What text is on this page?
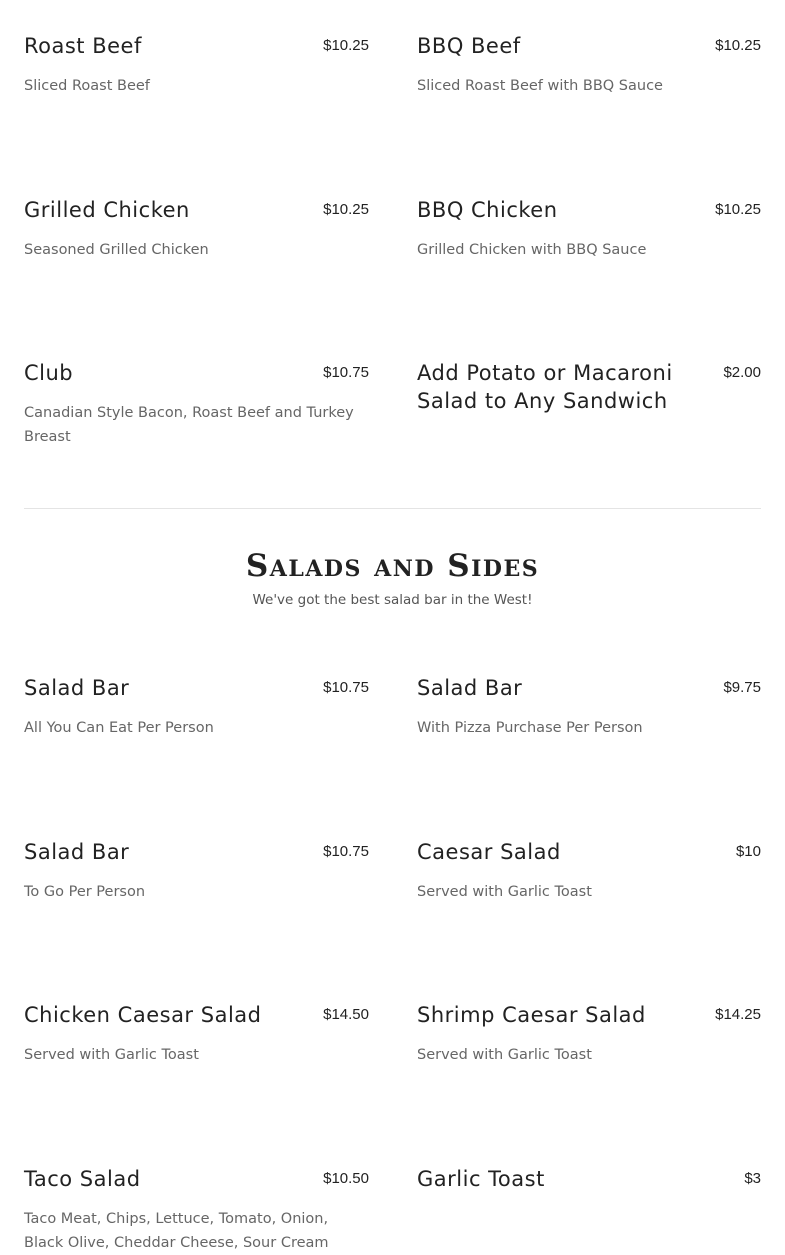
Roast Beef	$10.25
Sliced Roast Beef
BBQ Beef	$10.25
Sliced Roast Beef with BBQ Sauce
Grilled Chicken	$10.25
Seasoned Grilled Chicken
BBQ Chicken	$10.25
Grilled Chicken with BBQ Sauce
Club	$10.75
Canadian Style Bacon, Roast Beef and Turkey Breast
Add Potato or Macaroni Salad to Any Sandwich
$2.00
Salads and Sides
We've got the best salad bar in the West!
Salad Bar	$10.75
All You Can Eat Per Person
Salad Bar	$9.75
With Pizza Purchase Per Person
Salad Bar	$10.75
To Go Per Person
Caesar Salad	$10
Served with Garlic Toast
Chicken Caesar Salad	$14.50
Served with Garlic Toast
Shrimp Caesar Salad	$14.25
Served with Garlic Toast
Taco Salad	$10.50
Taco Meat, Chips, Lettuce, Tomato, Onion, Black Olive, Cheddar Cheese, Sour Cream
Garlic Toast	$3
